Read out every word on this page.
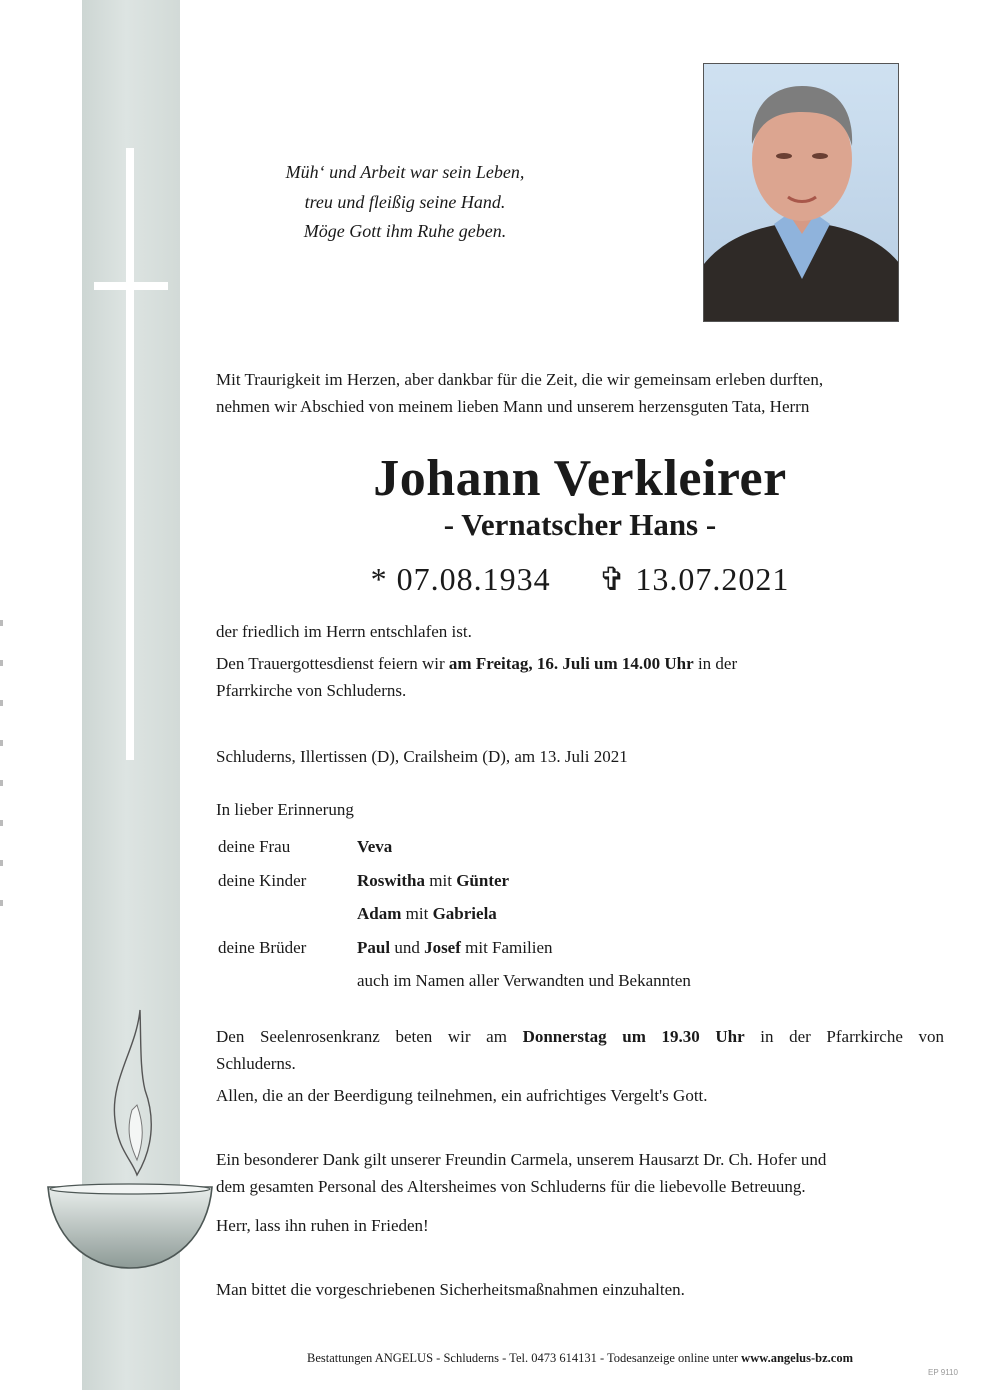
Müh‘ und Arbeit war sein Leben,
treu und fleißig seine Hand.
Möge Gott ihm Ruhe geben.
Mit Traurigkeit im Herzen, aber dankbar für die Zeit, die wir gemeinsam erleben durften,
nehmen wir Abschied von meinem lieben Mann und unserem herzensguten Tata, Herrn
Johann Verkleirer
- Vernatscher Hans -
* 07.08.1934 ✞ 13.07.2021
der friedlich im Herrn entschlafen ist.
Den Trauergottesdienst feiern wir am Freitag, 16. Juli um 14.00 Uhr in der
Pfarrkirche von Schluderns.
Schluderns, Illertissen (D), Crailsheim (D), am 13. Juli 2021
In lieber Erinnerung
deine Frau	Veva
deine Kinder	Roswitha mit Günter
Adam mit Gabriela
deine Brüder	Paul und Josef mit Familien
auch im Namen aller Verwandten und Bekannten
Den Seelenrosenkranz beten wir am Donnerstag um 19.30 Uhr in der Pfarrkirche von
Schluderns.
Allen, die an der Beerdigung teilnehmen, ein aufrichtiges Vergelt's Gott.
Ein besonderer Dank gilt unserer Freundin Carmela, unserem Hausarzt Dr. Ch. Hofer und
dem gesamten Personal des Altersheimes von Schluderns für die liebevolle Betreuung.
Herr, lass ihn ruhen in Frieden!
Man bittet die vorgeschriebenen Sicherheitsmaßnahmen einzuhalten.
Bestattungen ANGELUS - Schluderns - Tel. 0473 614131 - Todesanzeige online unter www.angelus-bz.com
EP 9110
